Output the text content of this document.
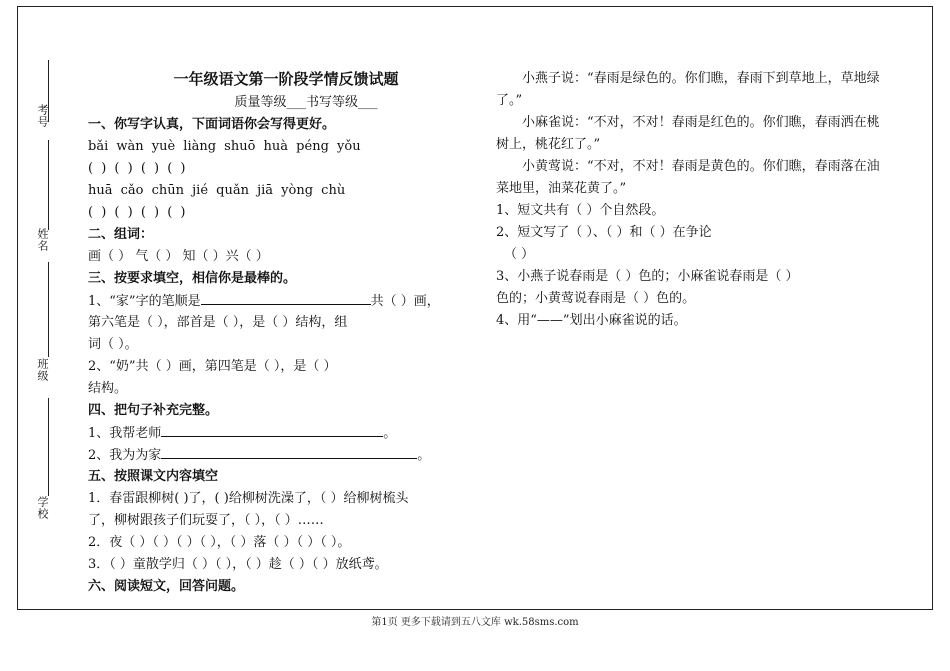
考号
姓名
班级
学校
一年级语文第一阶段学情反馈试题
质量等级___书写等级___
一、你写字认真，下面词语你会写得更好。
bǎi wàn yuè liàng shuō huà péng yǒu
( ) ( ) ( ) ( )
huā cǎo chūn jié quǎn jiā yòng chù
( ) ( ) ( ) ( )
二、组词：
画（ ） 气（ ） 知（ ）兴（ ）
三、按要求填空，相信你是最棒的。
1、“家”字的笔顺是	共（ ）画，
第六笔是（ ），部首是（ ），是（ ）结构，组
词（ ）。
2、“奶”共（ ）画，第四笔是（ ），是（ ）
结构。
四、把句子补充完整。
1、我帮老师	。
2、我为为家	。
五、按照课文内容填空
1．春雷跟柳树( )了，( )给柳树洗澡了，（ ）给柳树梳头
了，柳树跟孩子们玩耍了，（ ），（ ）……
2．夜（ ）（ ）（ ）（ ），（ ）落（ ）（ ）（ ）。
3．（ ）童散学归（ ）（ ），（ ）趁（ ）（ ）放纸鸢。
六、阅读短文，回答问题。

小燕子说：“春雨是绿色的。你们瞧，春雨下到草地上，草地绿了。”

小麻雀说：“不对，不对！春雨是红色的。你们瞧，春雨洒在桃树上，桃花红了。”

小黄莺说：“不对，不对！春雨是黄色的。你们瞧，春雨落在油菜地里，油菜花黄了。”

1、短文共有（ ）个自然段。
2、短文写了（ ）、（ ）和（ ）在争论
（ ）
3、小燕子说春雨是（ ）色的；小麻雀说春雨是（ ）
色的；小黄莺说春雨是（ ）色的。
4、用“——”划出小麻雀说的话。
第1页 更多下载请到五八文库 wk.58sms.com
